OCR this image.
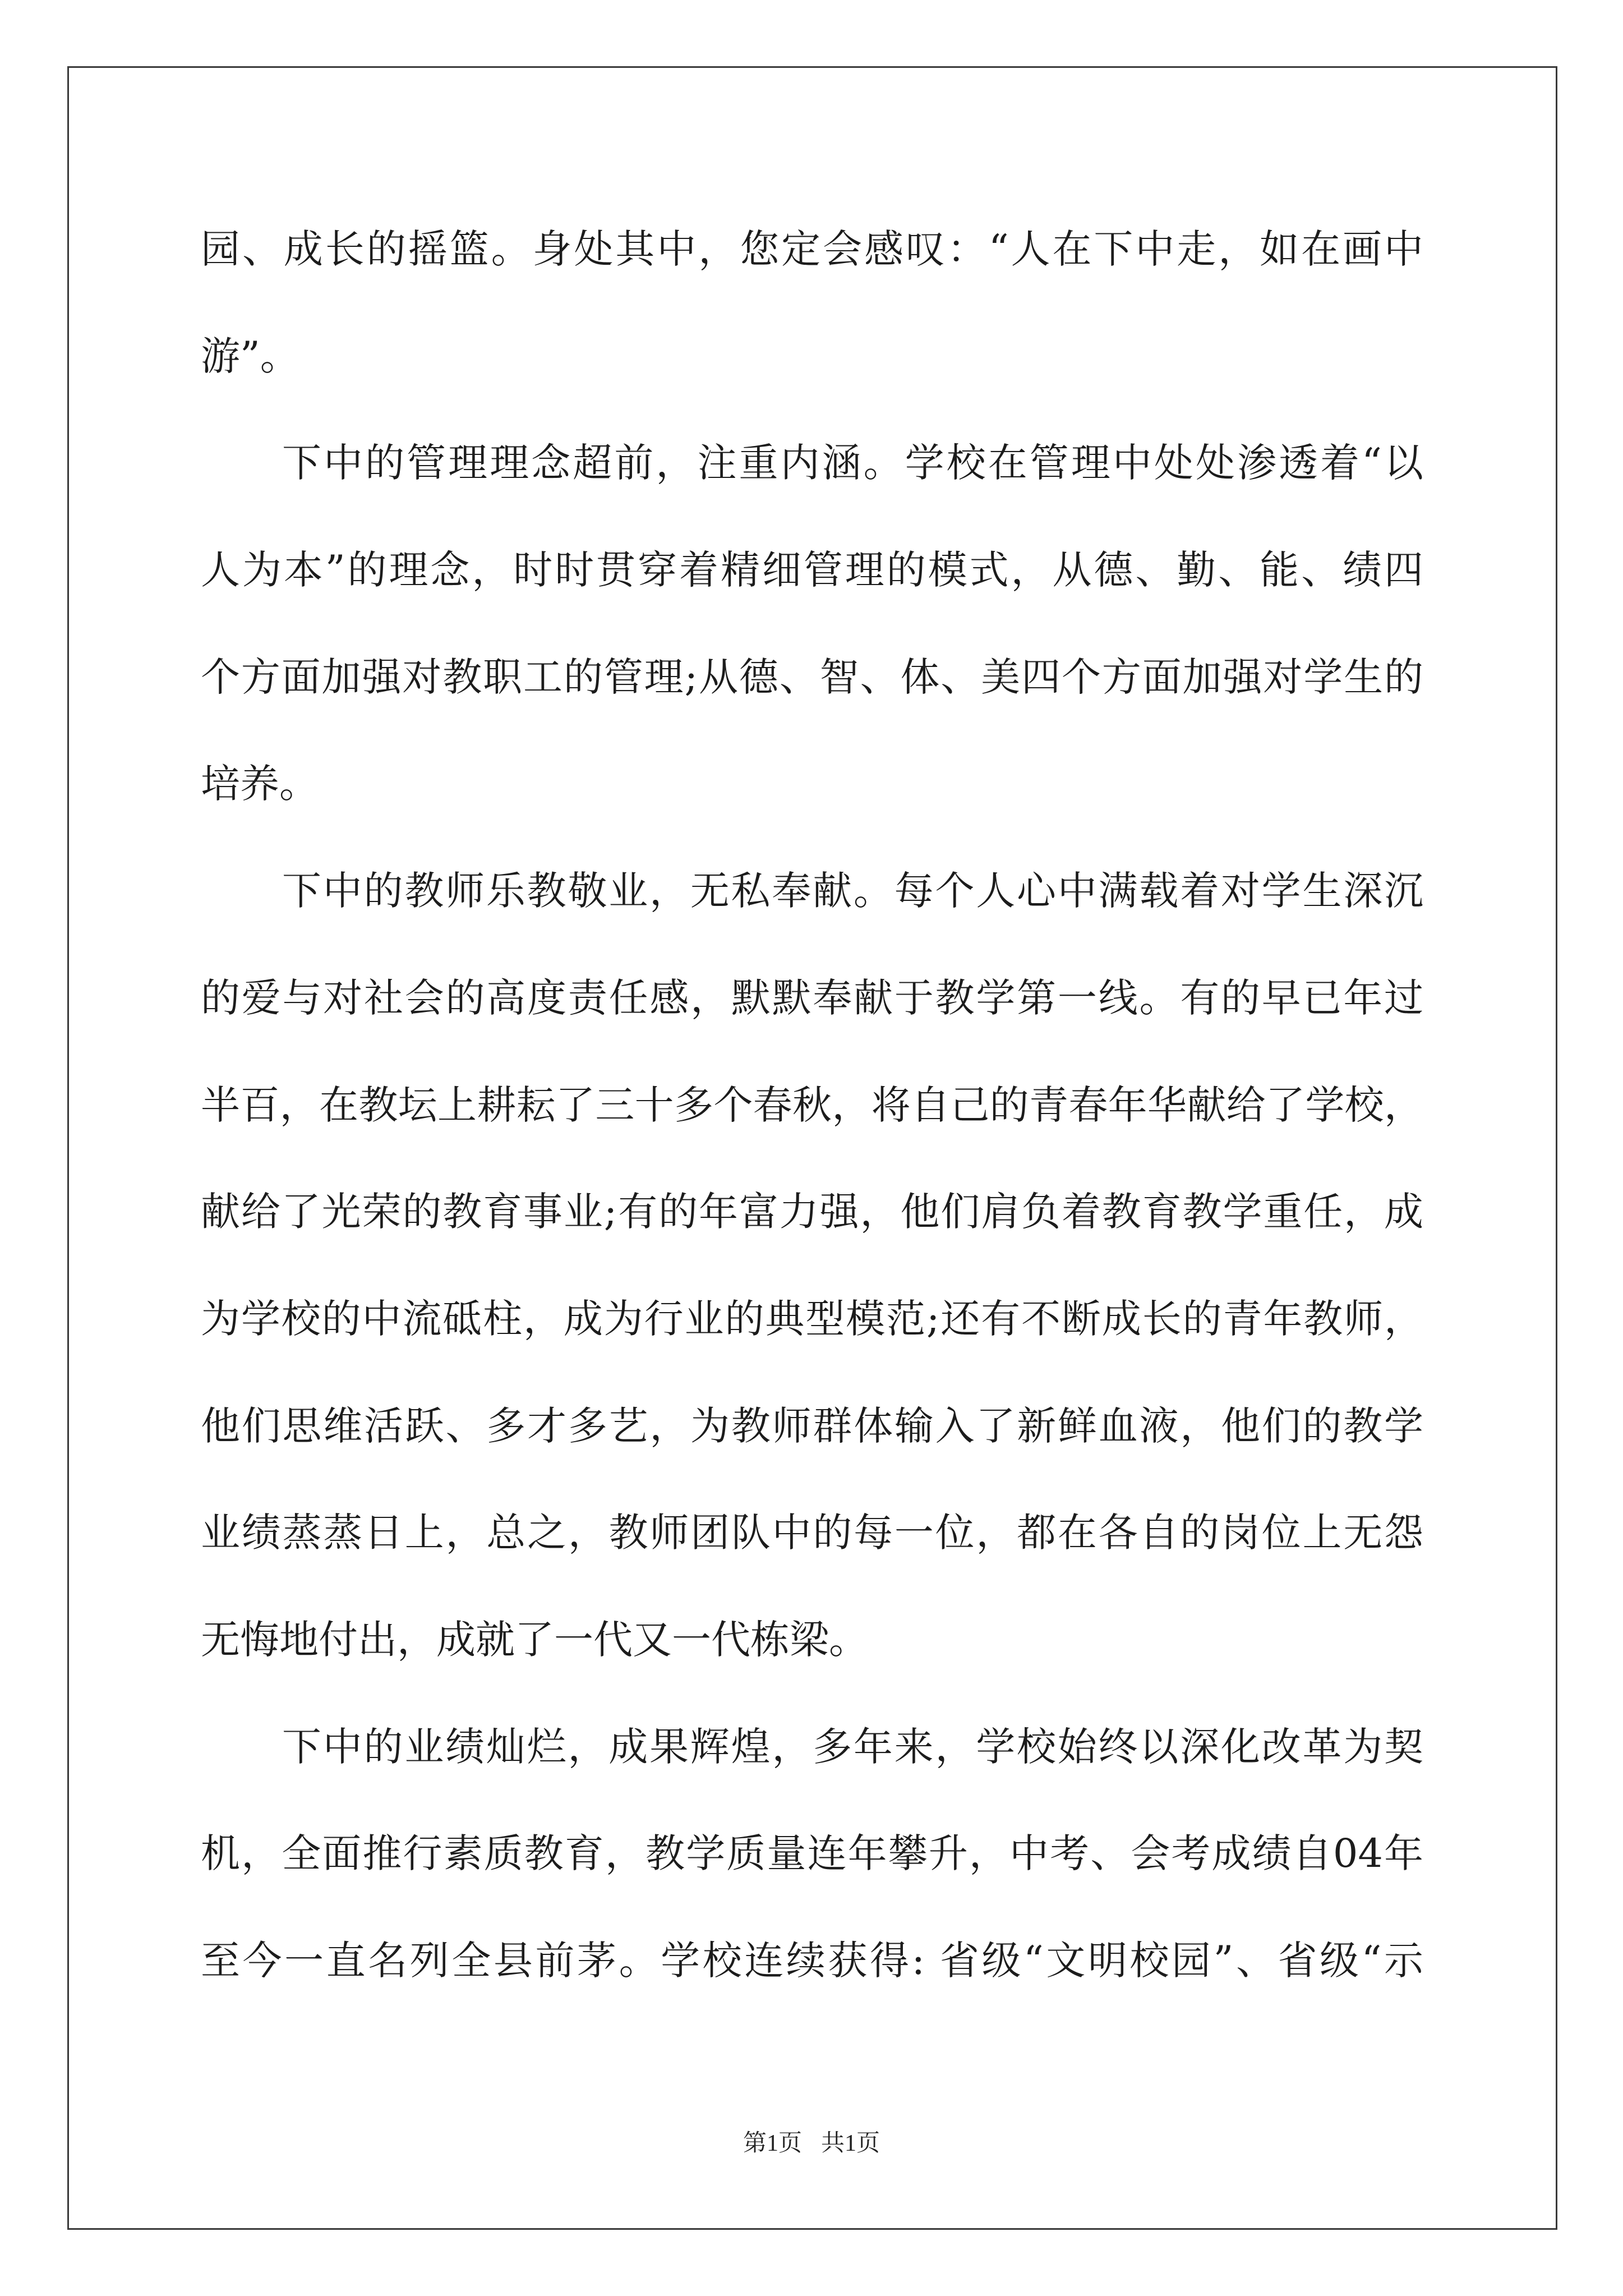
园、成长的摇篮。身处其中，您定会感叹：“人在下中走，如在画中
游”。
下中的管理理念超前，注重内涵。学校在管理中处处渗透着“以
人为本”的理念，时时贯穿着精细管理的模式，从德、勤、能、绩四
个方面加强对教职工的管理;从德、智、体、美四个方面加强对学生的
培养。
下中的教师乐教敬业，无私奉献。每个人心中满载着对学生深沉
的爱与对社会的高度责任感，默默奉献于教学第一线。有的早已年过
半百，在教坛上耕耘了三十多个春秋，将自己的青春年华献给了学校，
献给了光荣的教育事业;有的年富力强，他们肩负着教育教学重任，成
为学校的中流砥柱，成为行业的典型模范;还有不断成长的青年教师，
他们思维活跃、多才多艺，为教师群体输入了新鲜血液，他们的教学
业绩蒸蒸日上，总之，教师团队中的每一位，都在各自的岗位上无怨
无悔地付出，成就了一代又一代栋梁。
下中的业绩灿烂，成果辉煌，多年来，学校始终以深化改革为契
机，全面推行素质教育，教学质量连年攀升，中考、会考成绩自04年
至今一直名列全县前茅。学校连续获得: 省级“文明校园”、省级“示
第1页 共1页
